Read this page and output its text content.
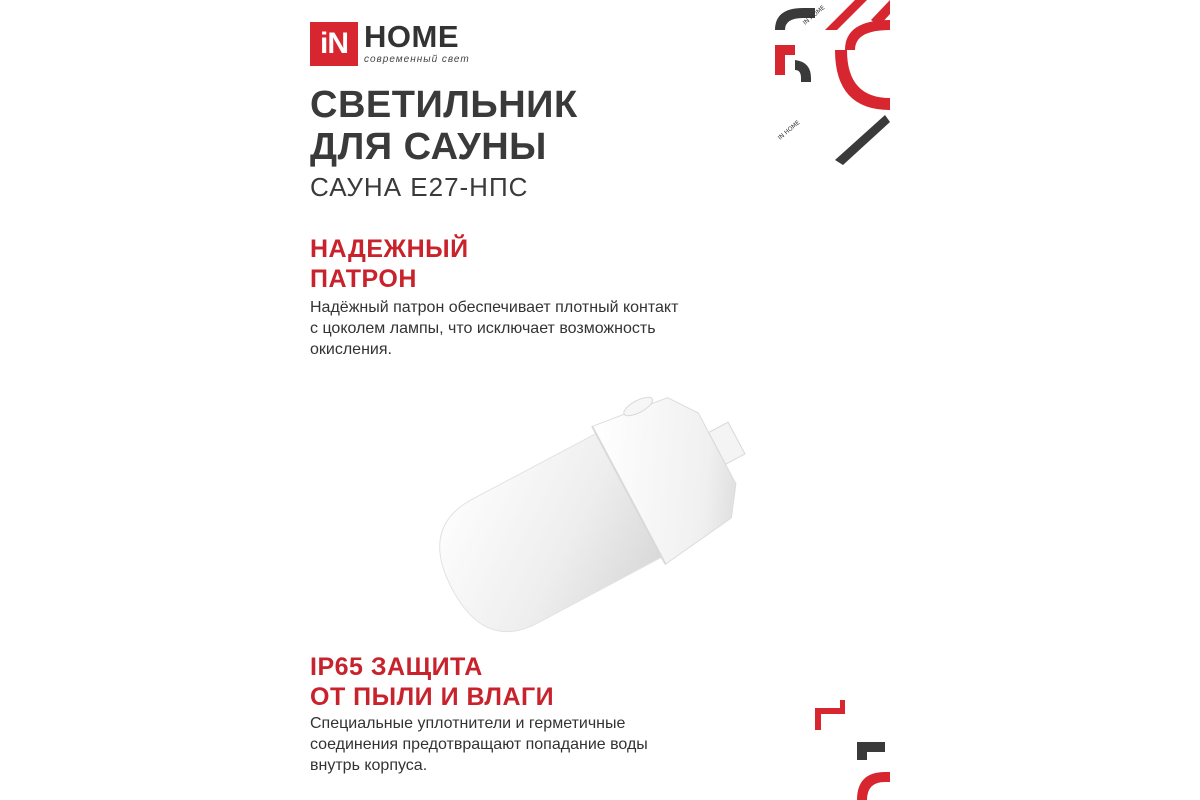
iN HOME
современный свет
СВЕТИЛЬНИК
ДЛЯ САУНЫ
САУНА Е27-НПС
НАДЕЖНЫЙ
ПАТРОН
Надёжный патрон обеспечивает плотный контакт с цоколем лампы, что исключает возможность окисления.
IP65 ЗАЩИТА
ОТ ПЫЛИ И ВЛАГИ
Специальные уплотнители и герметичные соединения предотвращают попадание воды внутрь корпуса.
IN HOME
IN HOME
